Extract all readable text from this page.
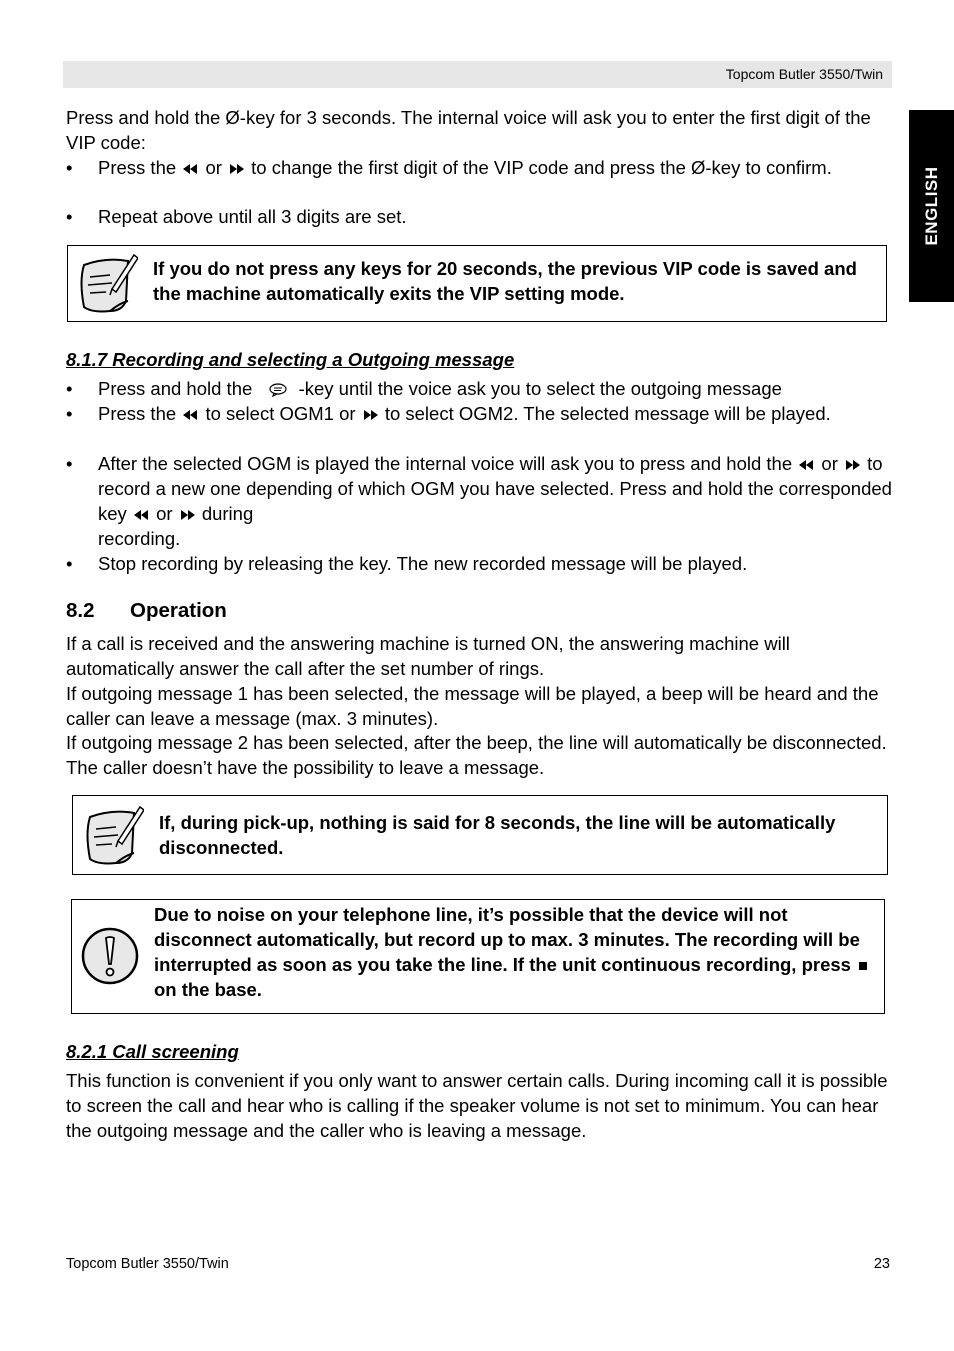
Topcom Butler 3550/Twin
ENGLISH
Press and hold the Ø-key for 3 seconds. The internal voice will ask you to enter the first digit of the VIP code:
• Press the or to change the first digit of the VIP code and press the Ø-key to confirm.
• Repeat above until all 3 digits are set.
If you do not press any keys for 20 seconds, the previous VIP code is saved and the machine automatically exits the VIP setting mode.
8.1.7 Recording and selecting a Outgoing message
• Press and hold the	-key until the voice ask you to select the outgoing message
• Press the to select OGM1 or to select OGM2. The selected message will be played.
• After the selected OGM is played the internal voice will ask you to press and hold the or to record a new one depending of which OGM you have selected. Press and hold the corresponded key or during
recording.
• Stop recording by releasing the key. The new recorded message will be played.
8.2 Operation
If a call is received and the answering machine is turned ON, the answering machine will automatically answer the call after the set number of rings.
If outgoing message 1 has been selected, the message will be played, a beep will be heard and the caller can leave a message (max. 3 minutes).
If outgoing message 2 has been selected, after the beep, the line will automatically be disconnected. The caller doesn’t have the possibility to leave a message.
If, during pick-up, nothing is said for 8 seconds, the line will be automatically disconnected.
Due to noise on your telephone line, it’s possible that the device will not disconnect automatically, but record up to max. 3 minutes. The recording will be interrupted as soon as you take the line. If the unit continuous recording, press  on the base.
8.2.1 Call screening
This function is convenient if you only want to answer certain calls. During incoming call it is possible to screen the call and hear who is calling if the speaker volume is not set to minimum. You can hear the outgoing message and the caller who is leaving a message.
Topcom Butler 3550/Twin	23
